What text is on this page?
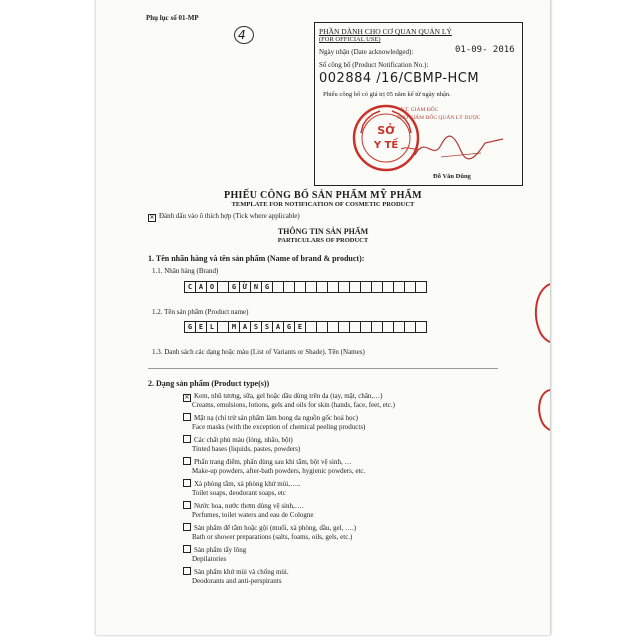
Phụ lục số 01-MP
4	PHẦN DÀNH CHO CƠ QUAN QUẢN LÝ
(FOR OFFICIAL USE)
Ngày nhận (Date acknowledged):	01-09- 2016
Số công bố (Product Notification No.):
002884 /16/CBMP-HCM
Phiếu công bố có giá trị 05 năm kể từ ngày nhận.
SỞ
Y TẾ
KT. GIÁM ĐỐC
PHÓ GIÁM ĐỐC QUẢN LÝ DƯỢC
Đỗ Văn Dũng
PHIẾU CÔNG BỐ SẢN PHẨM MỸ PHẨM
TEMPLATE FOR NOTIFICATION OF COSMETIC PRODUCT
✕ Đánh dấu vào ô thích hợp (Tick where applicable)
THÔNG TIN SẢN PHẨM
PARTICULARS OF PRODUCT
1. Tên nhãn hàng và tên sản phẩm (Name of brand & product):
1.1. Nhãn hàng (Brand)
C A O	G Ừ N G
1.2. Tên sản phẩm (Product name)
G E L	M A S S A G E
1.3. Danh sách các dạng hoặc màu (List of Variants or Shade). Tên (Names)
2. Dạng sản phẩm (Product type(s))
✕ Kem, nhũ tương, sữa, gel hoặc dầu dùng trên da (tay, mặt, chân,…)
Creams, emulsions, lotions, gels and oils for skin (hands, face, feet, etc.)
Mặt nạ (chỉ trừ sản phẩm làm bong da nguồn gốc hoá học)
Face masks (with the exception of chemical peeling products)
Các chất phủ màu (lỏng, nhão, bột)
Tinted bases (liquids, pastes, powders)
Phấn trang điểm, phấn dùng sau khi tắm, bột vệ sinh, …
Make-up powders, after-bath powders, hygienic powders, etc.
Xà phòng tắm, xà phòng khử mùi,…..
Toilet soaps, deodorant soaps, etc
Nước hoa, nước thơm dùng vệ sinh,….
Perfumes, toilet waters and eau de Cologne
Sản phẩm để tắm hoặc gội (muối, xà phòng, dầu, gel, ….)
Bath or shower preparations (salts, foams, oils, gels, etc.)
Sản phẩm tẩy lông
Depilatories
Sản phẩm khử mùi và chống mùi.
Deodorants and anti-perspirants
